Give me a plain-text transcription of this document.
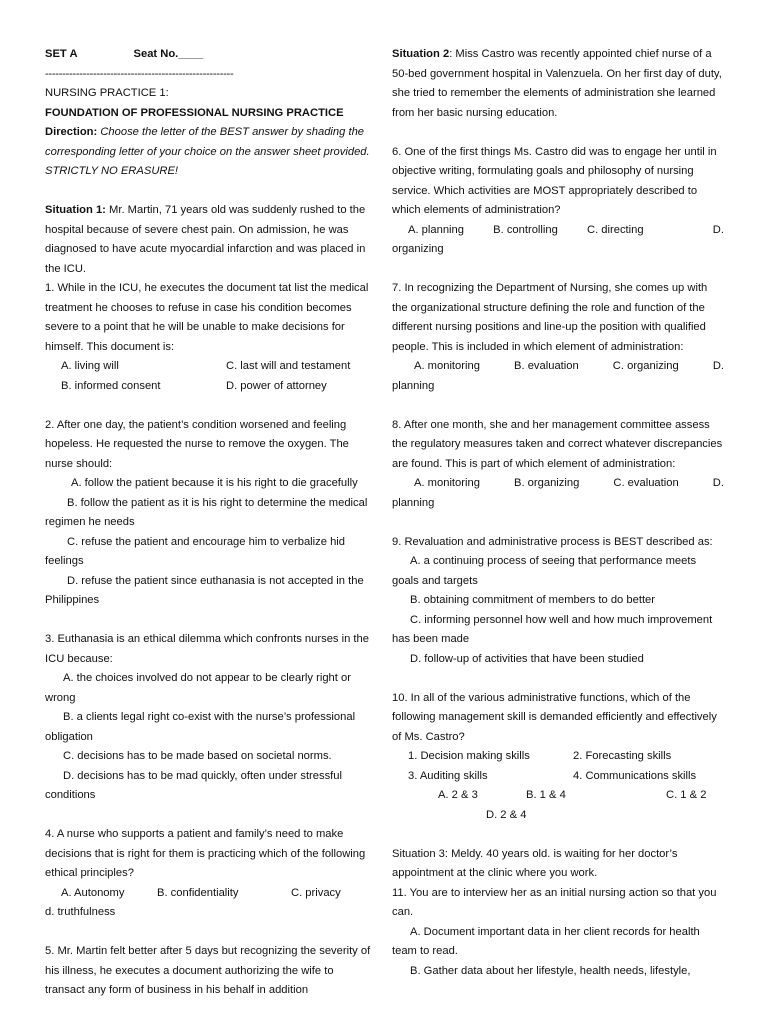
SET A	Seat No.____

-------------------------------------------------------

NURSING PRACTICE 1:

FOUNDATION OF PROFESSIONAL NURSING PRACTICE

Direction: Choose the letter of the BEST answer by shading the corresponding letter of your choice on the answer sheet provided. STRICTLY NO ERASURE!

Situation 1: Mr. Martin, 71 years old was suddenly rushed to the hospital because of severe chest pain. On admission, he was diagnosed to have acute myocardial infarction and was placed in the ICU.

1. While in the ICU, he executes the document tat list the medical treatment he chooses to refuse in case his condition becomes severe to a point that he will be unable to make decisions for himself. This document is:

A. living will	C. last will and testament

B. informed consent	D. power of attorney

2. After one day, the patient’s condition worsened and feeling hopeless. He requested the nurse to remove the oxygen. The nurse should:

A. follow the patient because it is his right to die gracefully

B. follow the patient as it is his right to determine the medical regimen he needs

C. refuse the patient and encourage him to verbalize hid feelings

D. refuse the patient since euthanasia is not accepted in the Philippines

3. Euthanasia is an ethical dilemma which confronts nurses in the ICU because:

A. the choices involved do not appear to be clearly right or wrong

B. a clients legal right co-exist with the nurse’s professional obligation

C. decisions has to be made based on societal norms.

D. decisions has to be mad quickly, often under stressful conditions

4. A nurse who supports a patient and family’s need to make decisions that is right for them is practicing which of the following ethical principles?

A. Autonomy	B. confidentiality	C. privacy

d. truthfulness

5. Mr. Martin felt better after 5 days but recognizing the severity of his illness, he executes a document authorizing the wife to transact any form of business in his behalf in addition

Situation 2: Miss Castro was recently appointed chief nurse of a 50-bed government hospital in Valenzuela. On her first day of duty, she tried to remember the elements of administration she learned from her basic nursing education.

6. One of the first things Ms. Castro did was to engage her until in objective writing, formulating goals and philosophy of nursing service. Which activities are MOST appropriately described to which elements of administration?

A. planning	B. controlling	C. directing	D.

organizing

7. In recognizing the Department of Nursing, she comes up with the organizational structure defining the role and function of the different nursing positions and line-up the position with qualified people. This is included in which element of administration:

A. monitoring	B. evaluation	C. organizing	D.

planning

8. After one month, she and her management committee assess the regulatory measures taken and correct whatever discrepancies are found. This is part of which element of administration:

A. monitoring	B. organizing	C. evaluation	D.

planning

9. Revaluation and administrative process is BEST described as:

A. a continuing process of seeing that performance meets goals and targets

B. obtaining commitment of members to do better

C. informing personnel how well and how much improvement has been made

D. follow-up of activities that have been studied

10. In all of the various administrative functions, which of the following management skill is demanded efficiently and effectively of Ms. Castro?

1. Decision making skills	2. Forecasting skills

3. Auditing skills	4. Communications skills

A. 2 & 3	B. 1 & 4	C. 1 & 2

D. 2 & 4

Situation 3: Meldy. 40 years old. is waiting for her doctor’s appointment at the clinic where you work.

11. You are to interview her as an initial nursing action so that you can.

A. Document important data in her client records for health team to read.

B. Gather data about her lifestyle, health needs, lifestyle,
